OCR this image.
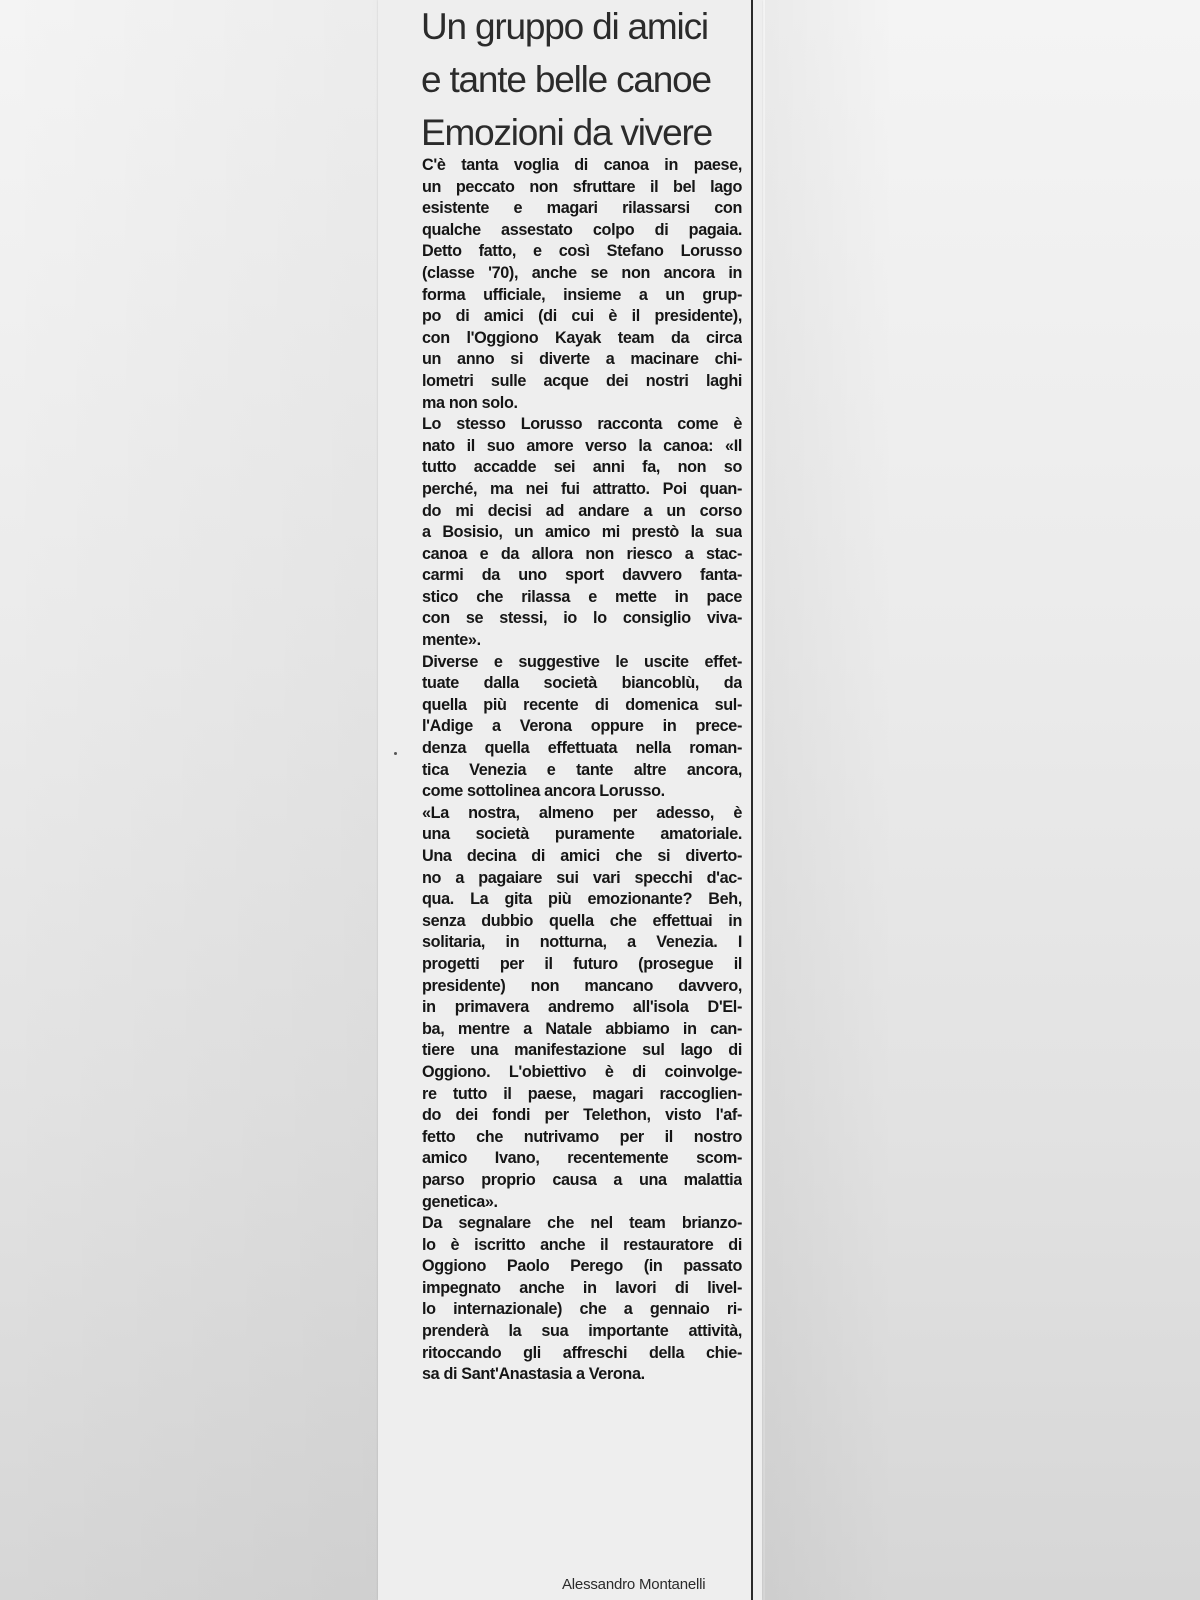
Un gruppo di amici
e tante belle canoe
Emozioni da vivere
C'è tanta voglia di canoa in paese,
un peccato non sfruttare il bel lago
esistente e magari rilassarsi con
qualche assestato colpo di pagaia.
Detto fatto, e così Stefano Lorusso
(classe '70), anche se non ancora in
forma ufficiale, insieme a un grup-
po di amici (di cui è il presidente),
con l'Oggiono Kayak team da circa
un anno si diverte a macinare chi-
lometri sulle acque dei nostri laghi
ma non solo.
Lo stesso Lorusso racconta come è
nato il suo amore verso la canoa: «Il
tutto accadde sei anni fa, non so
perché, ma nei fui attratto. Poi quan-
do mi decisi ad andare a un corso
a Bosisio, un amico mi prestò la sua
canoa e da allora non riesco a stac-
carmi da uno sport davvero fanta-
stico che rilassa e mette in pace
con se stessi, io lo consiglio viva-
mente».
Diverse e suggestive le uscite effet-
tuate dalla società biancoblù, da
quella più recente di domenica sul-
l'Adige a Verona oppure in prece-
denza quella effettuata nella roman-
tica Venezia e tante altre ancora,
come sottolinea ancora Lorusso.
«La nostra, almeno per adesso, è
una società puramente amatoriale.
Una decina di amici che si diverto-
no a pagaiare sui vari specchi d'ac-
qua. La gita più emozionante? Beh,
senza dubbio quella che effettuai in
solitaria, in notturna, a Venezia. I
progetti per il futuro (prosegue il
presidente) non mancano davvero,
in primavera andremo all'isola D'El-
ba, mentre a Natale abbiamo in can-
tiere una manifestazione sul lago di
Oggiono. L'obiettivo è di coinvolge-
re tutto il paese, magari raccoglien-
do dei fondi per Telethon, visto l'af-
fetto che nutrivamo per il nostro
amico Ivano, recentemente scom-
parso proprio causa a una malattia
genetica».
Da segnalare che nel team brianzo-
lo è iscritto anche il restauratore di
Oggiono Paolo Perego (in passato
impegnato anche in lavori di livel-
lo internazionale) che a gennaio ri-
prenderà la sua importante attività,
ritoccando gli affreschi della chie-
sa di Sant'Anastasia a Verona.
Alessandro Montanelli
